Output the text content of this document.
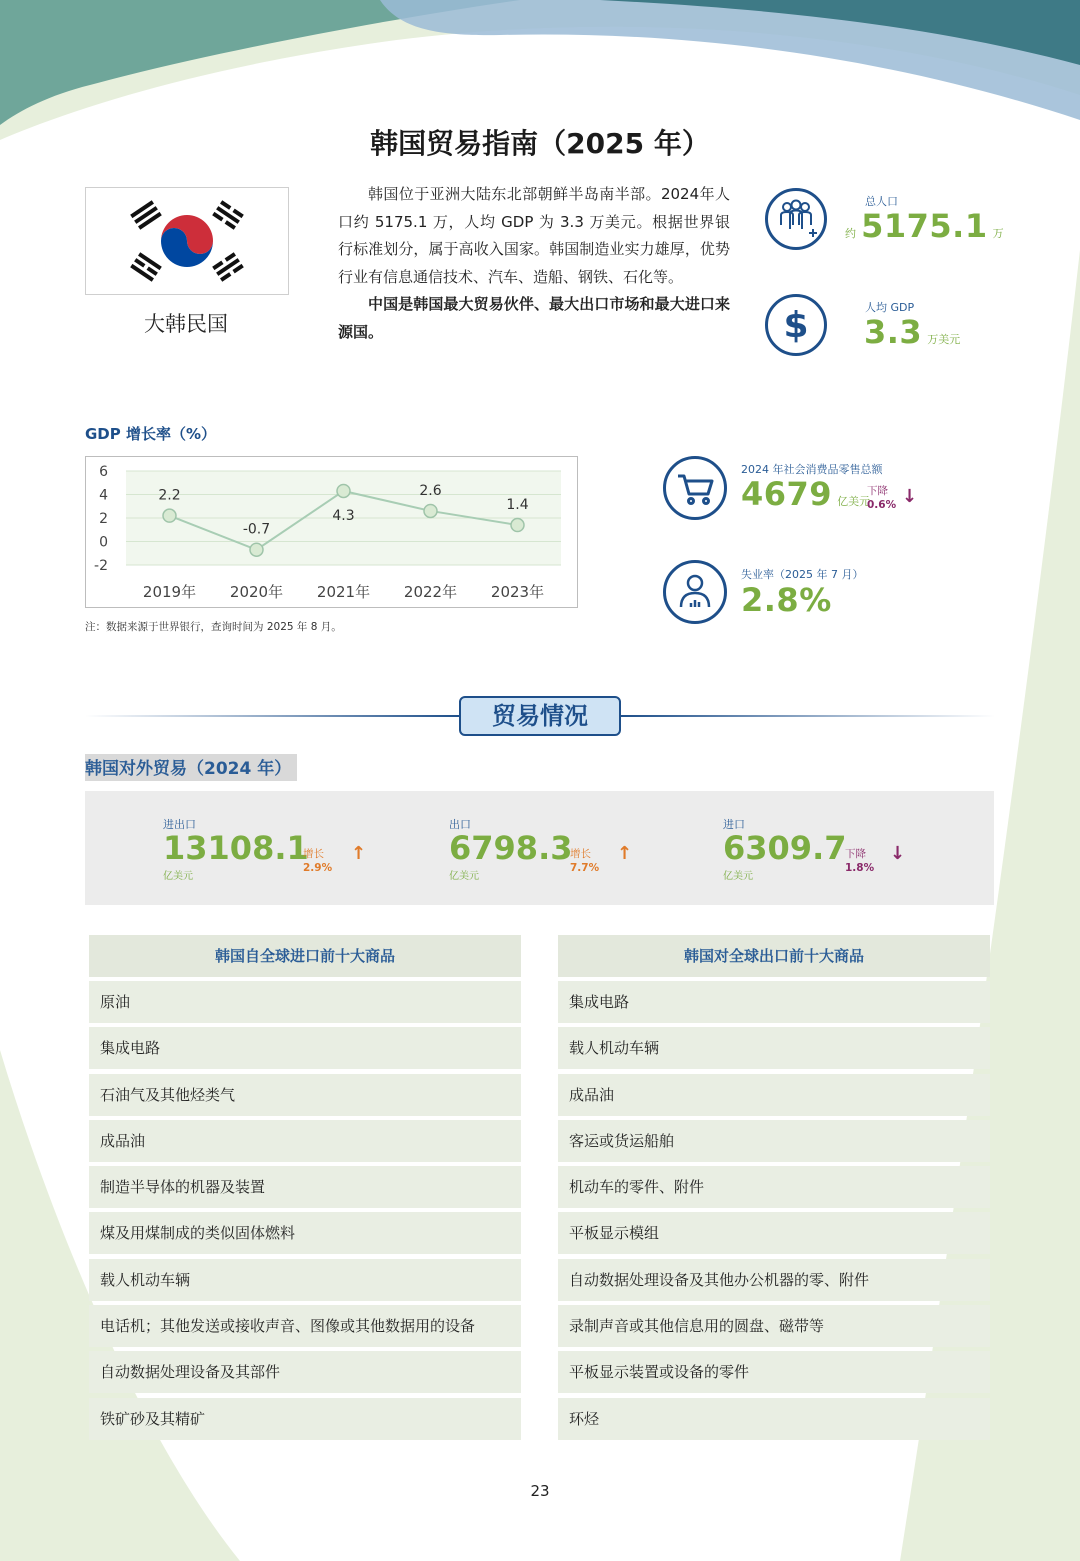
韩国贸易指南（2025 年）
大韩民国

韩国位于亚洲大陆东北部朝鲜半岛南半部。2024年人口约 5175.1 万，人均 GDP 为 3.3 万美元。根据世界银行标准划分，属于高收入国家。韩国制造业实力雄厚，优势行业有信息通信技术、汽车、造船、钢铁、石化等。

中国是韩国最大贸易伙伴、最大出口市场和最大进口来源国。

总人口
约 5175.1 万
$	人均 GDP
3.3 万美元
GDP 增长率（%）
6
4
2
0
-2
2019年 2020年 2021年 2022年 2023年
2.2
-0.7
4.3
2.6
1.4
注：数据来源于世界银行，查询时间为 2025 年 8 月。
2024 年社会消费品零售总额
4679 亿美元
下降
0.6% ↓
失业率（2025 年 7 月）
2.8%
贸易情况
韩国对外贸易（2024 年）
进出口
13108.1
亿美元
增长
2.9%
↑
出口
6798.3
亿美元
增长
7.7%
↑
进口
6309.7
亿美元
下降
1.8%
↓
韩国自全球进口前十大商品
原油
集成电路
石油气及其他烃类气
成品油
制造半导体的机器及装置
煤及用煤制成的类似固体燃料
载人机动车辆
电话机；其他发送或接收声音、图像或其他数据用的设备
自动数据处理设备及其部件
铁矿砂及其精矿
韩国对全球出口前十大商品
集成电路
载人机动车辆
成品油
客运或货运船舶
机动车的零件、附件
平板显示模组
自动数据处理设备及其他办公机器的零、附件
录制声音或其他信息用的圆盘、磁带等
平板显示装置或设备的零件
环烃
23
